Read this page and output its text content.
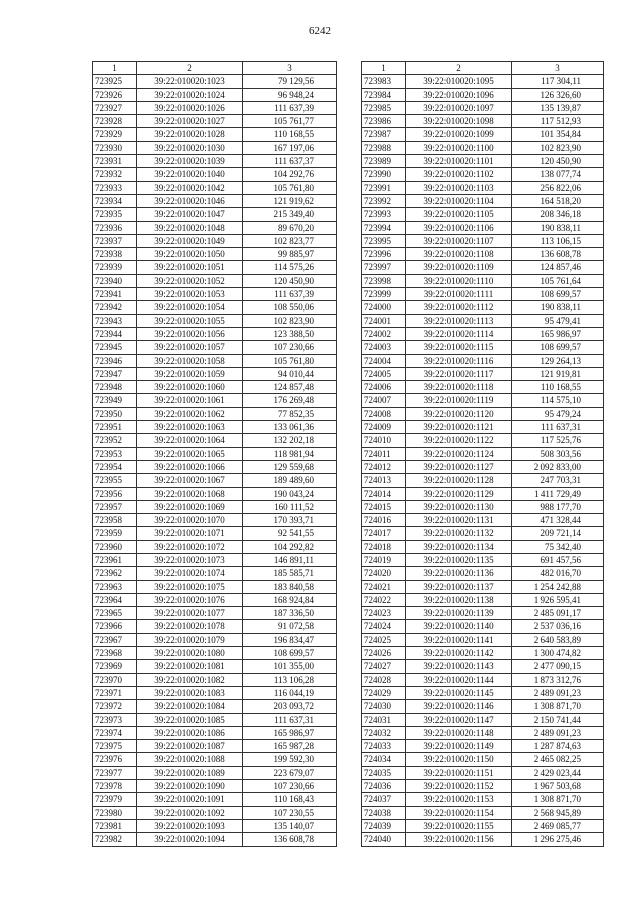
6242
1	2	3
723925	39:22:010020:1023	79 129,56
723926	39:22:010020:1024	96 948,24
723927	39:22:010020:1026	111 637,39
723928	39:22:010020:1027	105 761,77
723929	39:22:010020:1028	110 168,55
723930	39:22:010020:1030	167 197,06
723931	39:22:010020:1039	111 637,37
723932	39:22:010020:1040	104 292,76
723933	39:22:010020:1042	105 761,80
723934	39:22:010020:1046	121 919,62
723935	39:22:010020:1047	215 349,40
723936	39:22:010020:1048	89 670,20
723937	39:22:010020:1049	102 823,77
723938	39:22:010020:1050	99 885,97
723939	39:22:010020:1051	114 575,26
723940	39:22:010020:1052	120 450,90
723941	39:22:010020:1053	111 637,39
723942	39:22:010020:1054	108 550,06
723943	39:22:010020:1055	102 823,90
723944	39:22:010020:1056	123 388,50
723945	39:22:010020:1057	107 230,66
723946	39:22:010020:1058	105 761,80
723947	39:22:010020:1059	94 010,44
723948	39:22:010020:1060	124 857,48
723949	39:22:010020:1061	176 269,48
723950	39:22:010020:1062	77 852,35
723951	39:22:010020:1063	133 061,36
723952	39:22:010020:1064	132 202,18
723953	39:22:010020:1065	118 981,94
723954	39:22:010020:1066	129 559,68
723955	39:22:010020:1067	189 489,60
723956	39:22:010020:1068	190 043,24
723957	39:22:010020:1069	160 111,52
723958	39:22:010020:1070	170 393,71
723959	39:22:010020:1071	92 541,55
723960	39:22:010020:1072	104 292,82
723961	39:22:010020:1073	146 891,11
723962	39:22:010020:1074	185 585,71
723963	39:22:010020:1075	183 840,58
723964	39:22:010020:1076	168 924,84
723965	39:22:010020:1077	187 336,50
723966	39:22:010020:1078	91 072,58
723967	39:22:010020:1079	196 834,47
723968	39:22:010020:1080	108 699,57
723969	39:22:010020:1081	101 355,00
723970	39:22:010020:1082	113 106,28
723971	39:22:010020:1083	116 044,19
723972	39:22:010020:1084	203 093,72
723973	39:22:010020:1085	111 637,31
723974	39:22:010020:1086	165 986,97
723975	39:22:010020:1087	165 987,28
723976	39:22:010020:1088	199 592,30
723977	39:22:010020:1089	223 679,07
723978	39:22:010020:1090	107 230,66
723979	39:22:010020:1091	110 168,43
723980	39:22:010020:1092	107 230,55
723981	39:22:010020:1093	135 140,07
723982	39:22:010020:1094	136 608,78
1	2	3
723983	39:22:010020:1095	117 304,11
723984	39:22:010020:1096	126 326,60
723985	39:22:010020:1097	135 139,87
723986	39:22:010020:1098	117 512,93
723987	39:22:010020:1099	101 354,84
723988	39:22:010020:1100	102 823,90
723989	39:22:010020:1101	120 450,90
723990	39:22:010020:1102	138 077,74
723991	39:22:010020:1103	256 822,06
723992	39:22:010020:1104	164 518,20
723993	39:22:010020:1105	208 346,18
723994	39:22:010020:1106	190 838,11
723995	39:22:010020:1107	113 106,15
723996	39:22:010020:1108	136 608,78
723997	39:22:010020:1109	124 857,46
723998	39:22:010020:1110	105 761,64
723999	39:22:010020:1111	108 699,57
724000	39:22:010020:1112	190 838,11
724001	39:22:010020:1113	95 479,41
724002	39:22:010020:1114	165 986,97
724003	39:22:010020:1115	108 699,57
724004	39:22:010020:1116	129 264,13
724005	39:22:010020:1117	121 919,81
724006	39:22:010020:1118	110 168,55
724007	39:22:010020:1119	114 575,10
724008	39:22:010020:1120	95 479,24
724009	39:22:010020:1121	111 637,31
724010	39:22:010020:1122	117 525,76
724011	39:22:010020:1124	508 303,56
724012	39:22:010020:1127	2 092 833,00
724013	39:22:010020:1128	247 703,31
724014	39:22:010020:1129	1 411 729,49
724015	39:22:010020:1130	988 177,70
724016	39:22:010020:1131	471 328,44
724017	39:22:010020:1132	209 721,14
724018	39:22:010020:1134	75 342,40
724019	39:22:010020:1135	691 457,56
724020	39:22:010020:1136	482 016,70
724021	39:22:010020:1137	1 254 242,88
724022	39:22:010020:1138	1 926 595,41
724023	39:22:010020:1139	2 485 091,17
724024	39:22:010020:1140	2 537 036,16
724025	39:22:010020:1141	2 640 583,89
724026	39:22:010020:1142	1 300 474,82
724027	39:22:010020:1143	2 477 090,15
724028	39:22:010020:1144	1 873 312,76
724029	39:22:010020:1145	2 489 091,23
724030	39:22:010020:1146	1 308 871,70
724031	39:22:010020:1147	2 150 741,44
724032	39:22:010020:1148	2 489 091,23
724033	39:22:010020:1149	1 287 874,63
724034	39:22:010020:1150	2 465 082,25
724035	39:22:010020:1151	2 429 023,44
724036	39:22:010020:1152	1 967 503,68
724037	39:22:010020:1153	1 308 871,70
724038	39:22:010020:1154	2 568 945,89
724039	39:22:010020:1155	2 469 085,77
724040	39:22:010020:1156	1 296 275,46
